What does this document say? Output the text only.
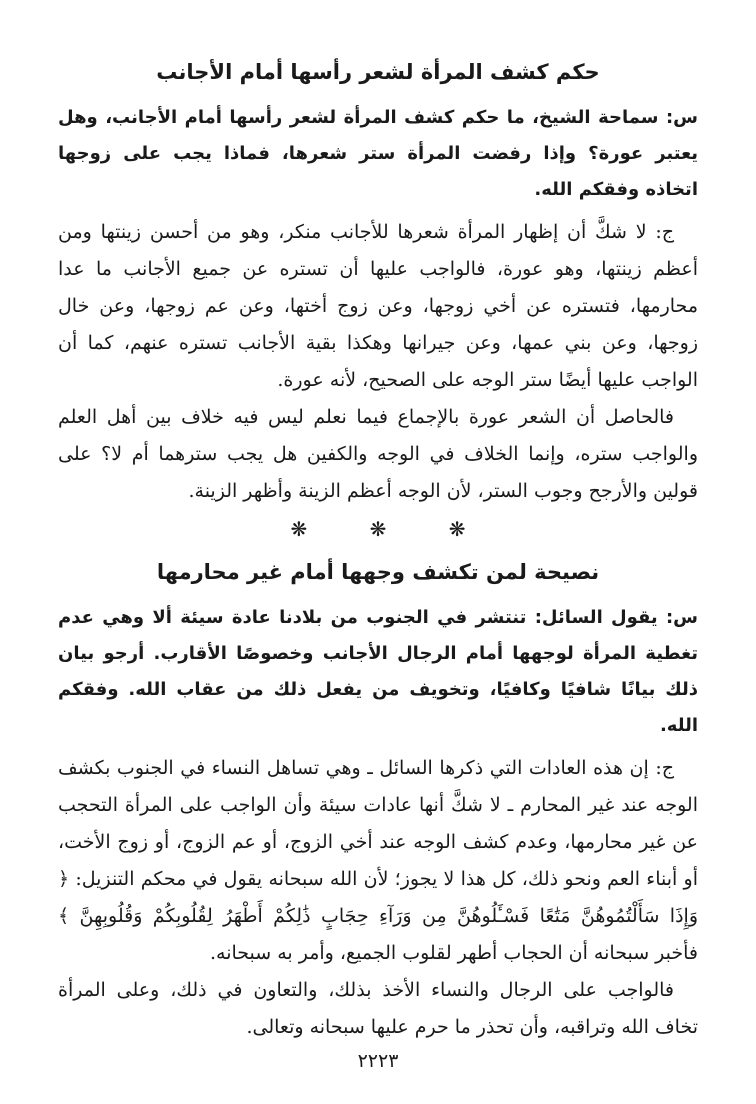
حكم كشف المرأة لشعر رأسها أمام الأجانب

س: سماحة الشيخ، ما حكم كشف المرأة لشعر رأسها أمام الأجانب، وهل يعتبر عورة؟ وإذا رفضت المرأة ستر شعرها، فماذا يجب على زوجها اتخاذه وفقكم الله.

ج: لا شكَّ أن إظهار المرأة شعرها للأجانب منكر، وهو من أحسن زينتها ومن أعظم زينتها، وهو عورة، فالواجب عليها أن تستره عن جميع الأجانب ما عدا محارمها، فتستره عن أخي زوجها، وعن زوج أختها، وعن عم زوجها، وعن خال زوجها، وعن بني عمها، وعن جيرانها وهكذا بقية الأجانب تستره عنهم، كما أن الواجب عليها أيضًا ستر الوجه على الصحيح، لأنه عورة.

فالحاصل أن الشعر عورة بالإجماع فيما نعلم ليس فيه خلاف بين أهل العلم والواجب ستره، وإنما الخلاف في الوجه والكفين هل يجب سترهما أم لا؟ على قولين والأرجح وجوب الستر، لأن الوجه أعظم الزينة وأظهر الزينة.

❋	❋	❋
نصيحة لمن تكشف وجهها أمام غير محارمها

س: يقول السائل: تنتشر في الجنوب من بلادنا عادة سيئة ألا وهي عدم تغطية المرأة لوجهها أمام الرجال الأجانب وخصوصًا الأقارب. أرجو بيان ذلك بيانًا شافيًا وكافيًا، وتخويف من يفعل ذلك من عقاب الله. وفقكم الله.

ج: إن هذه العادات التي ذكرها السائل ـ وهي تساهل النساء في الجنوب بكشف الوجه عند غير المحارم ـ لا شكَّ أنها عادات سيئة وأن الواجب على المرأة التحجب عن غير محارمها، وعدم كشف الوجه عند أخي الزوج، أو عم الزوج، أو زوج الأخت، أو أبناء العم ونحو ذلك، كل هذا لا يجوز؛ لأن الله سبحانه يقول في محكم التنزيل: ﴿ وَإِذَا سَأَلْتُمُوهُنَّ مَتَٰعًا فَسْـَٔلُوهُنَّ مِن وَرَآءِ حِجَابٍ ذَٰلِكُمْ أَطْهَرُ لِقُلُوبِكُمْ وَقُلُوبِهِنَّ ﴾ فأخبر سبحانه أن الحجاب أطهر لقلوب الجميع، وأمر به سبحانه.

فالواجب على الرجال والنساء الأخذ بذلك، والتعاون في ذلك، وعلى المرأة تخاف الله وتراقبه، وأن تحذر ما حرم عليها سبحانه وتعالى.

٢٢٢٣
